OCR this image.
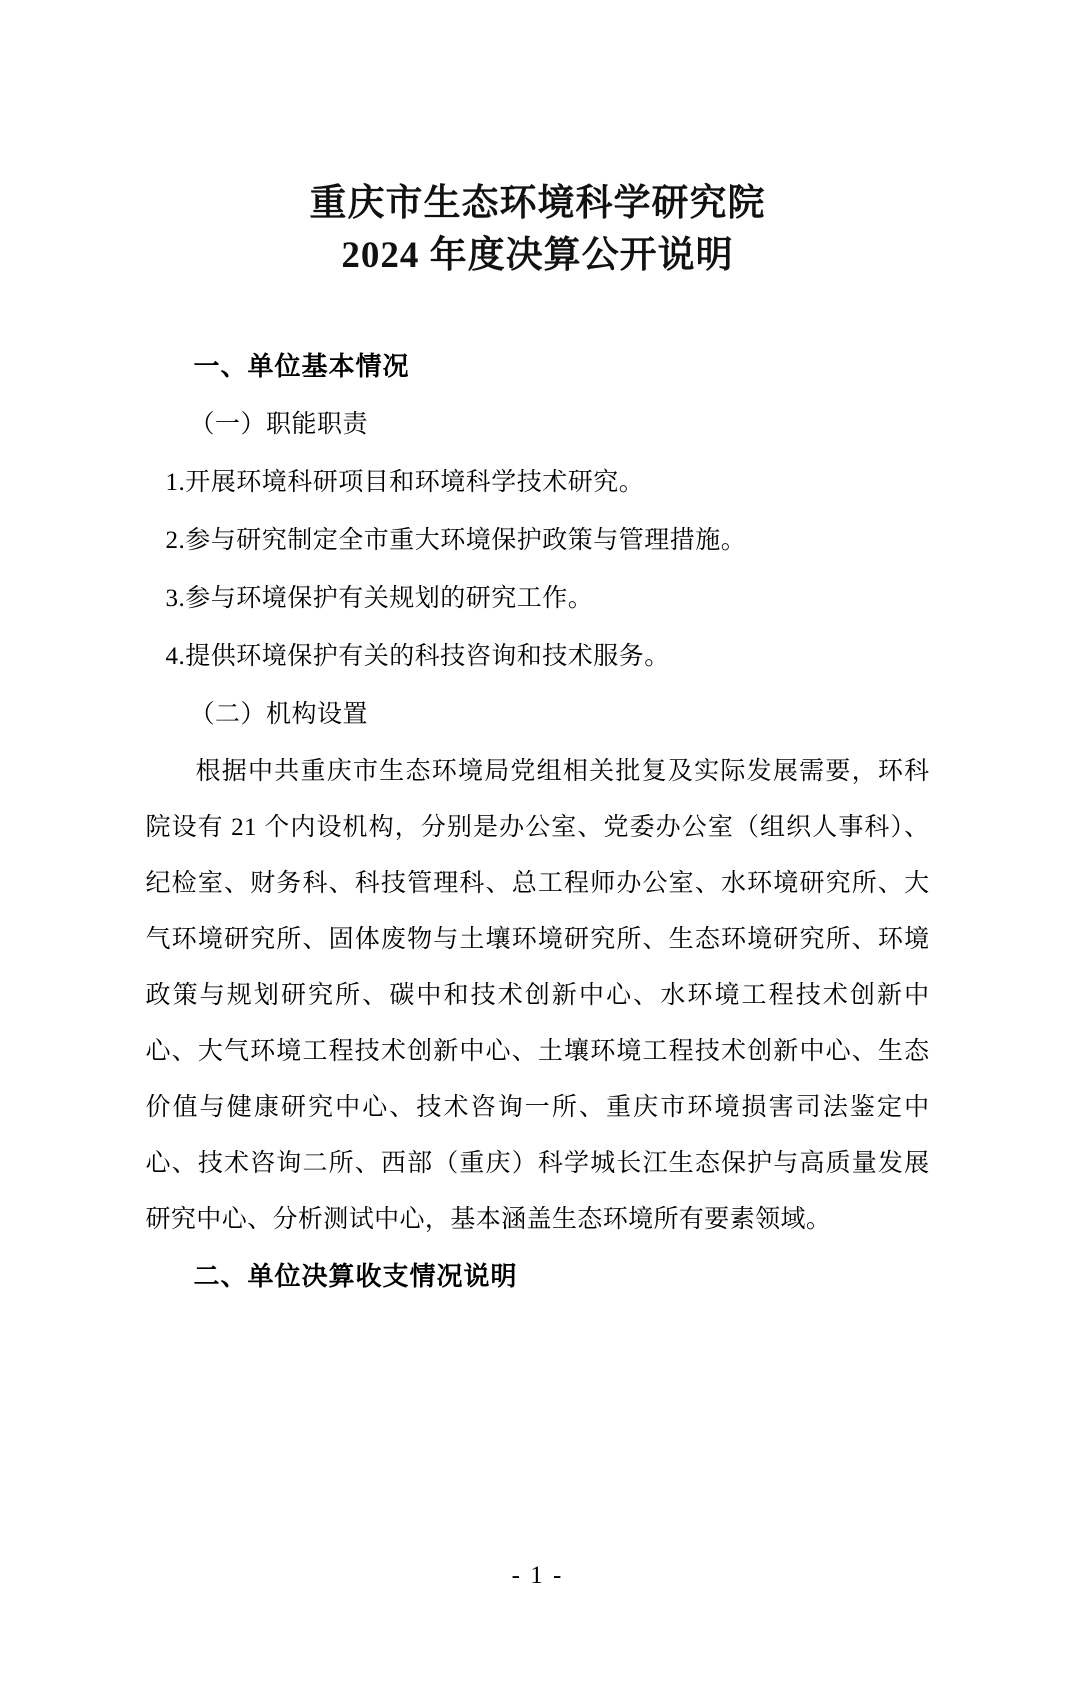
重庆市生态环境科学研究院
2024 年度决算公开说明
一、单位基本情况
（一）职能职责
1.开展环境科研项目和环境科学技术研究。
2.参与研究制定全市重大环境保护政策与管理措施。
3.参与环境保护有关规划的研究工作。
4.提供环境保护有关的科技咨询和技术服务。
（二）机构设置

根据中共重庆市生态环境局党组相关批复及实际发展需要，环科院设有 21 个内设机构，分别是办公室、党委办公室（组织人事科）、纪检室、财务科、科技管理科、总工程师办公室、水环境研究所、大气环境研究所、固体废物与土壤环境研究所、生态环境研究所、环境政策与规划研究所、碳中和技术创新中心、水环境工程技术创新中心、大气环境工程技术创新中心、土壤环境工程技术创新中心、生态价值与健康研究中心、技术咨询一所、重庆市环境损害司法鉴定中心、技术咨询二所、西部（重庆）科学城长江生态保护与高质量发展研究中心、分析测试中心，基本涵盖生态环境所有要素领域。

二、单位决算收支情况说明
- 1 -
